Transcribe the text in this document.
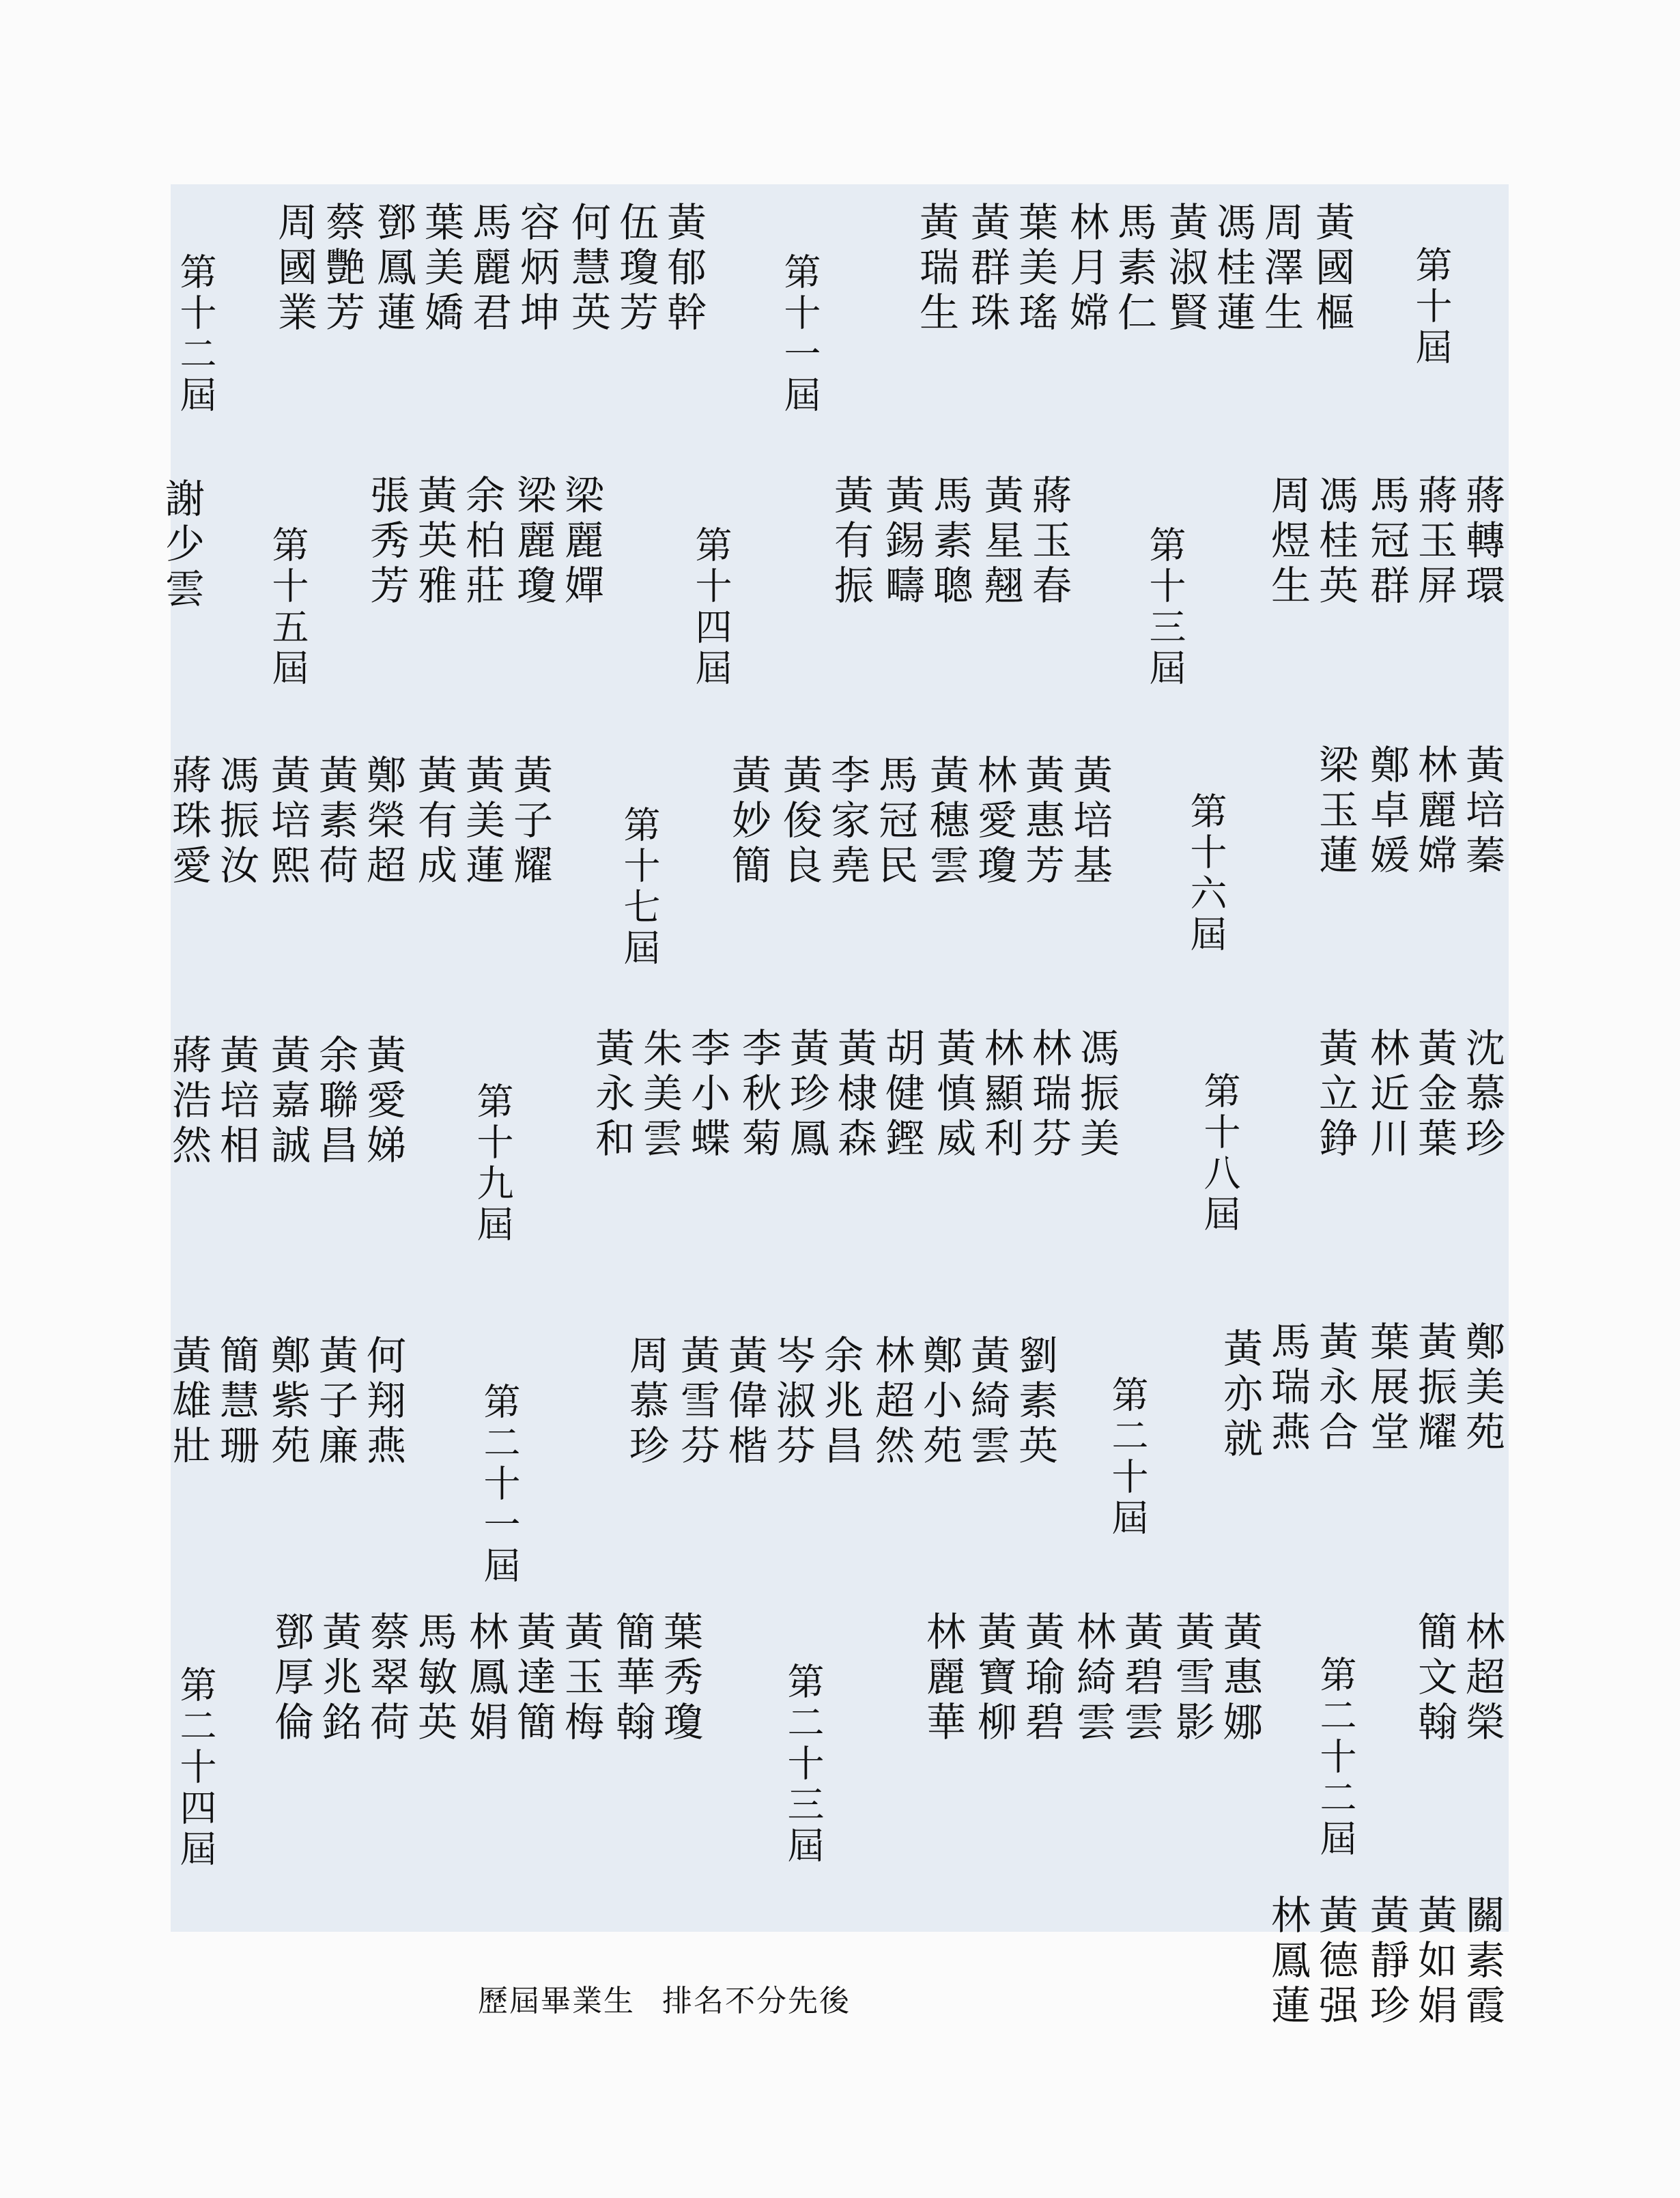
第十屆
黃國樞
周澤生
馮桂蓮
黃淑賢
馬素仁
林月嫦
葉美瑤
黃群珠
黃瑞生
第十一屆
黃郁幹
伍瓊芳
何慧英
容炳坤
馬麗君
葉美嬌
鄧鳳蓮
蔡艷芳
周國業
第十二屆
第十三屆	蔣轉環
蔣玉屏
馬冠群
馮桂英
周煜生
第十四屆	蔣玉春
黃星翹
馬素聰
黃錫疇
黃有振
第十五屆	梁麗嬋
梁麗瓊
余柏莊
黃英雅
張秀芳
謝少雲
第十六屆	黃培蓁
林麗嫦
鄭卓媛
梁玉蓮
第十七屆	黃培基
黃惠芳
林愛瓊
黃穗雲
馬冠民
李家堯
黃俊良
黃妙簡
黃子耀
黃美蓮
黃有成
鄭榮超
黃素荷
黃培熙
馮振汝
蔣珠愛
第十八屆	沈慕珍
黃金葉
林近川
黃立錚
第十九屆	馮振美
林瑞芬
林顯利
黃慎威
胡健鏗
黃棣森
黃珍鳳
李秋菊
李小蝶
朱美雲
黃永和
黃愛娣
余聯昌
黃嘉誠
黃培相
蔣浩然
第二十屆	鄭美苑
黃振耀
葉展堂
黃永合
馬瑞燕
黃亦就
第二十一屆	劉素英
黃綺雲
鄭小苑
林超然
余兆昌
岑淑芬
黃偉楷
黃雪芬
周慕珍
何翔燕
黃子廉
鄭紫苑
簡慧珊
黃雄壯
第二十二屆	林超榮
簡文翰
黃惠娜
黃雪影
黃碧雲
林綺雲
黃瑜碧
黃寶柳
林麗華
第二十三屆
葉秀瓊
簡華翰
黃玉梅
黃達簡
林鳳娟
馬敏英
蔡翠荷
黃兆銘
鄧厚倫
第二十四屆
關素霞
黃如娟
黃靜珍
黃德强
林鳳蓮
歷屆畢業生 排名不分先後
